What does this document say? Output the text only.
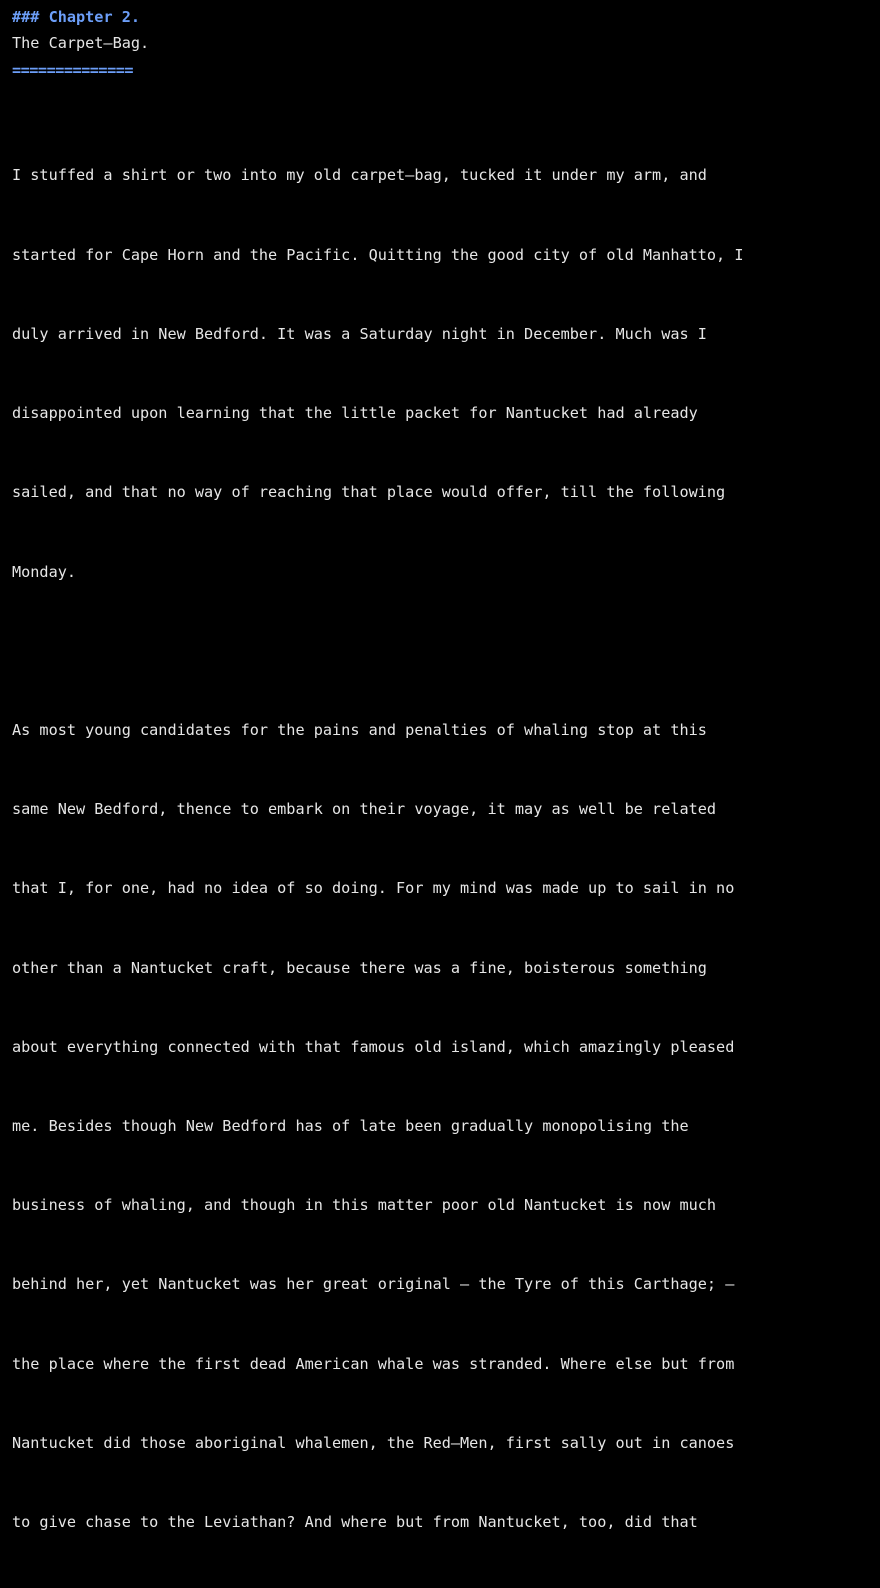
### Chapter 2.
The Carpet—Bag.
==============

I stuffed a shirt or two into my old carpet—bag, tucked it under my arm, and

started for Cape Horn and the Pacific. Quitting the good city of old Manhatto, I

duly arrived in New Bedford. It was a Saturday night in December. Much was I

disappointed upon learning that the little packet for Nantucket had already

sailed, and that no way of reaching that place would offer, till the following

Monday.

As most young candidates for the pains and penalties of whaling stop at this

same New Bedford, thence to embark on their voyage, it may as well be related

that I, for one, had no idea of so doing. For my mind was made up to sail in no

other than a Nantucket craft, because there was a fine, boisterous something

about everything connected with that famous old island, which amazingly pleased

me. Besides though New Bedford has of late been gradually monopolising the

business of whaling, and though in this matter poor old Nantucket is now much

behind her, yet Nantucket was her great original — the Tyre of this Carthage; —

the place where the first dead American whale was stranded. Where else but from

Nantucket did those aboriginal whalemen, the Red—Men, first sally out in canoes

to give chase to the Leviathan? And where but from Nantucket, too, did that
